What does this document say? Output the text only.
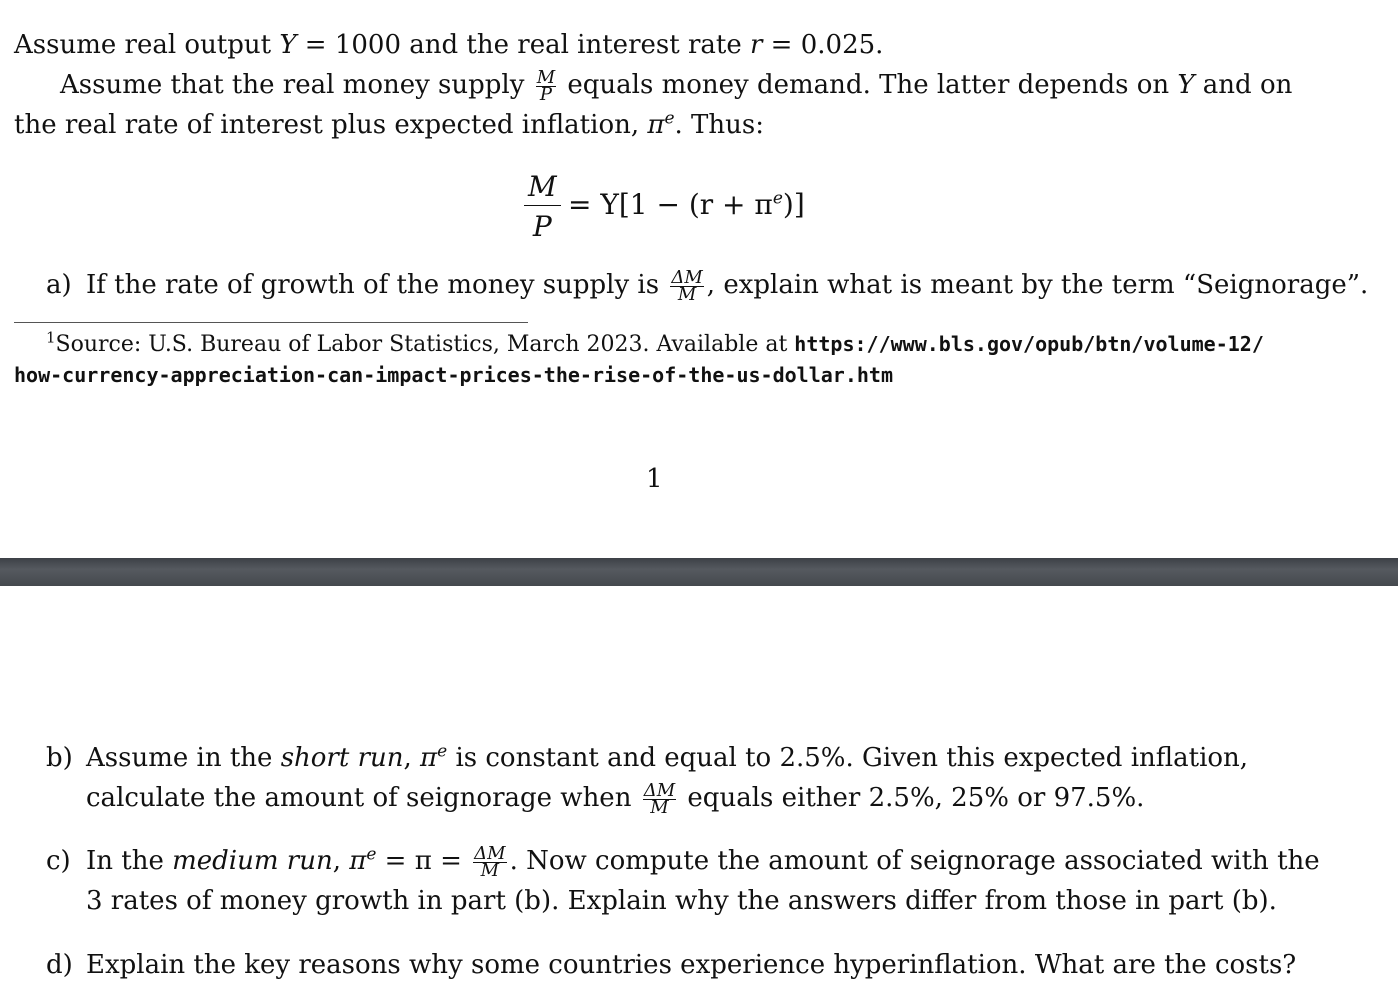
Assume real output Y = 1000 and the real interest rate r = 0.025.
Assume that the real money supply $\frac{M}{P}$ equals money demand. The latter depends on Y and on
the real rate of interest plus expected inflation, $\pi^e$. Thus:
$\frac{M}{P} = Y[1 - (r + \pi^e)]$
a) If the rate of growth of the money supply is $\frac{\Delta M}{M}$ , explain what is meant by the term “Seignorage”.
$^1$Source: U.S. Bureau of Labor Statistics, March 2023. Available at https://www.bls.gov/opub/btn/volume-12/
how-currency-appreciation-can-impact-prices-the-rise-of-the-us-dollar.htm
1
b) Assume in the short run, $\pi^e$ is constant and equal to 2.5%. Given this expected inflation,
calculate the amount of seignorage when $\frac{\Delta M}{M}$ equals either 2.5%, 25% or 97.5%.
c) In the medium run, $\pi^e = \pi = \frac{\Delta M}{M}$ . Now compute the amount of seignorage associated with the
3 rates of money growth in part (b). Explain why the answers differ from those in part (b).
d) Explain the key reasons why some countries experience hyperinflation. What are the costs?
